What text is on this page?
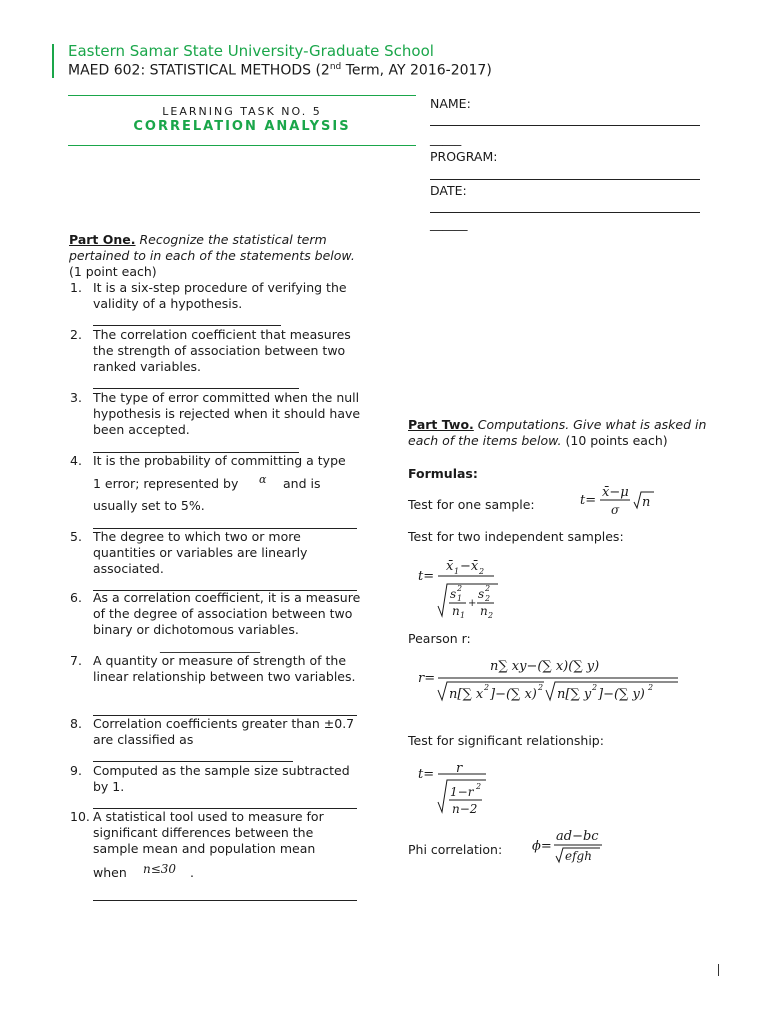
Eastern Samar State University-Graduate School
MAED 602: STATISTICAL METHODS (2nd Term, AY 2016-2017)
LEARNING TASK NO. 5
CORRELATION ANALYSIS
NAME:
_____
PROGRAM:
DATE:
______
Part One. Recognize the statistical term pertained to in each of the statements below. (1 point each)
1. It is a six-step procedure of verifying the validity of a hypothesis.
2. The correlation coefficient that measures the strength of association between two ranked variables.
3. The type of error committed when the null hypothesis is rejected when it should have been accepted.
4. It is the probability of committing a type
1 error; represented by α and is
usually set to 5%.
5. The degree to which two or more quantities or variables are linearly associated.
6. As a correlation coefficient, it is a measure of the degree of association between two binary or dichotomous variables.
________________
7. A quantity or measure of strength of the linear relationship between two variables.
8. Correlation coefficients greater than ±0.7 are classified as
9. Computed as the sample size subtracted by 1.
10. A statistical tool used to measure for significant differences between the sample mean and population mean
when n≤30 .
Part Two. Computations. Give what is asked in each of the items below. (10 points each)
Formulas:
Test for one sample:	t=
x̄−μ
σ n
Test for two independent samples:
t=
x̄ 1 −x̄ 2
s 2
1
n 1
+
s 2
2
n 2
Pearson r:
r=
n∑ xy−(∑ x)(∑ y)
n[∑ x 2 ]−(∑ x) 2 n[∑ y 2 ]−(∑ y) 2
Test for significant relationship:
t= r
1−r 2
n−2
Phi correlation: ϕ=
ad−bc
efgh
